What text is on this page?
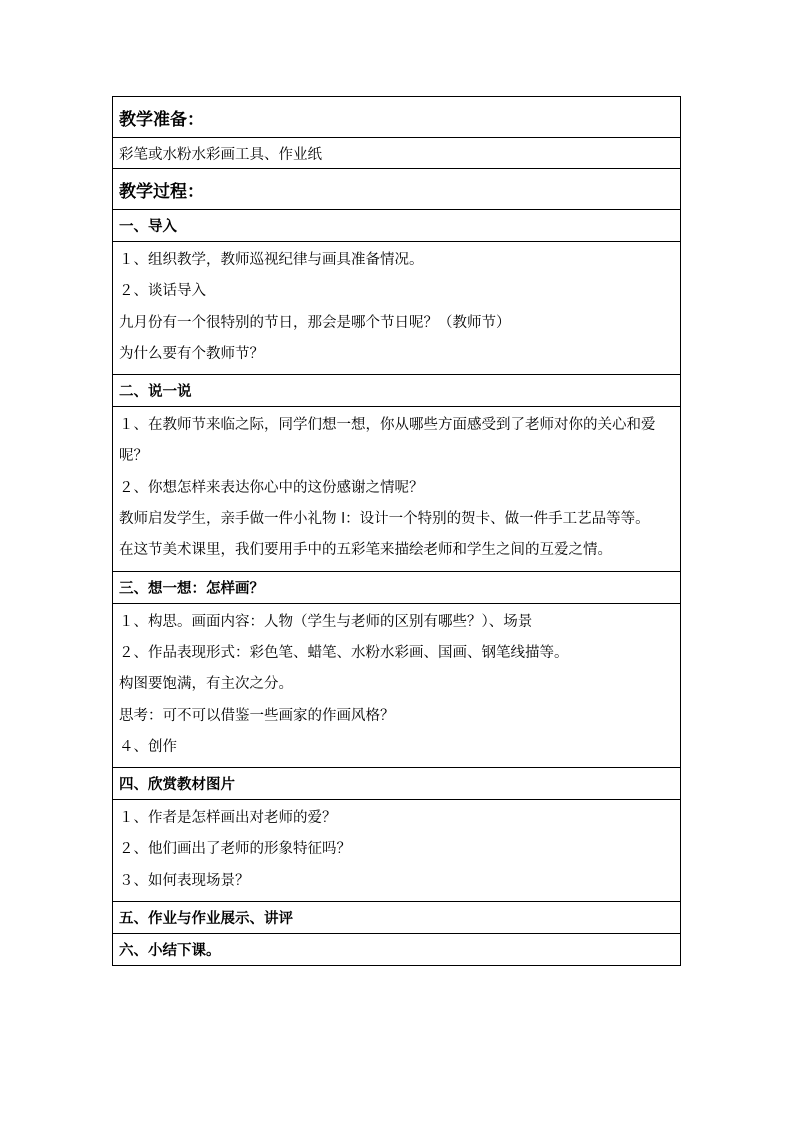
教学准备：
彩笔或水粉水彩画工具、作业纸
教学过程：
一、导入

１、组织教学，教师巡视纪律与画具准备情况。
２、谈话导入
九月份有一个很特别的节日，那会是哪个节日呢？（教师节）
为什么要有个教师节？

二、说一说

１、在教师节来临之际，同学们想一想，你从哪些方面感受到了老师对你的关心和爱呢？
２、你想怎样来表达你心中的这份感谢之情呢？
教师启发学生，亲手做一件小礼物 l：设计一个特别的贺卡、做一件手工艺品等等。
在这节美术课里，我们要用手中的五彩笔来描绘老师和学生之间的互爱之情。

三、想一想：怎样画？

１、构思。画面内容：人物（学生与老师的区别有哪些？）、场景
２、作品表现形式：彩色笔、蜡笔、水粉水彩画、国画、钢笔线描等。
构图要饱满，有主次之分。
思考：可不可以借鉴一些画家的作画风格？
４、创作

四、欣赏教材图片

１、作者是怎样画出对老师的爱？
２、他们画出了老师的形象特征吗？
３、如何表现场景？

五、作业与作业展示、讲评
六、小结下课。
